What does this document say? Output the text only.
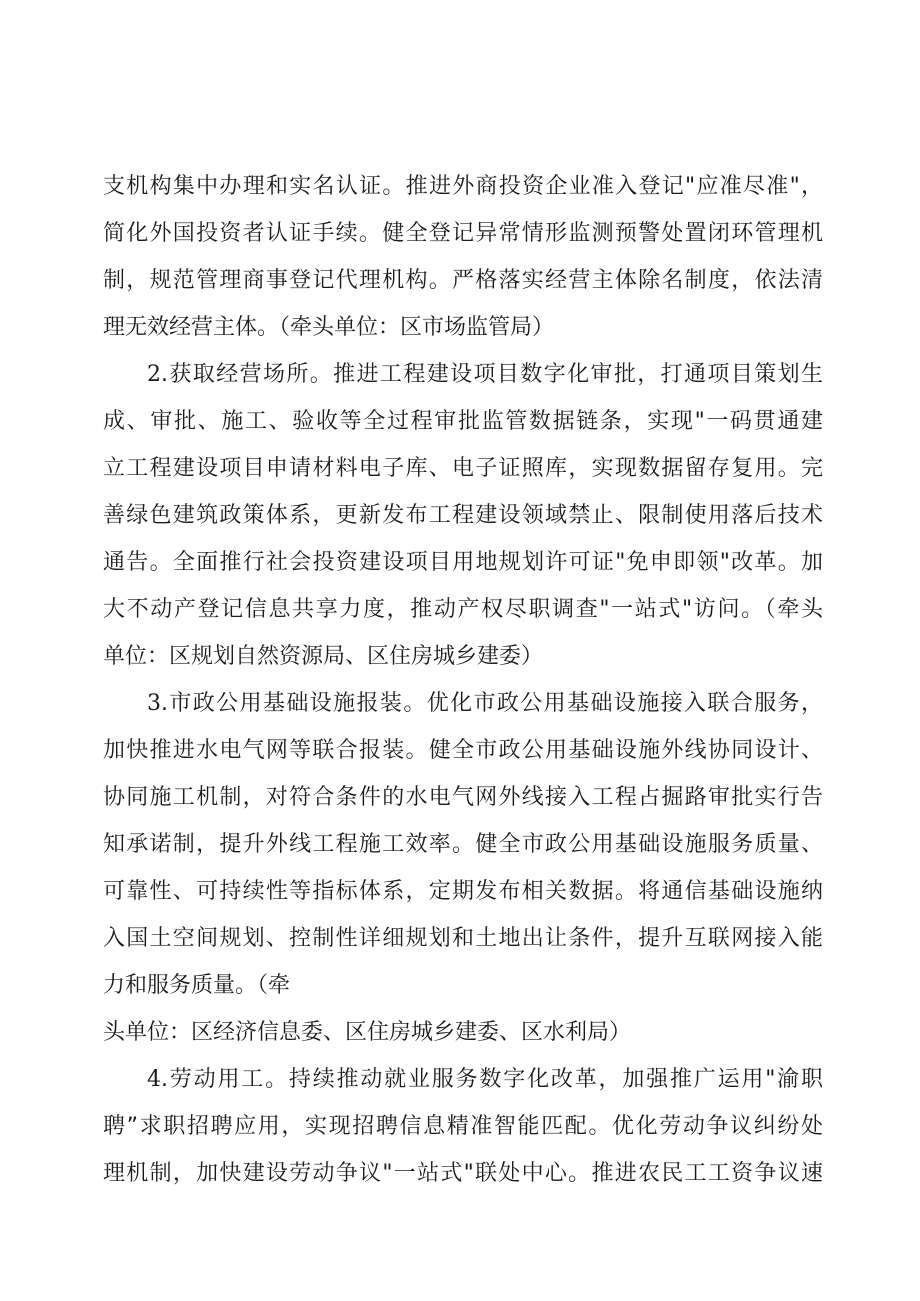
支机构集中办理和实名认证。推进外商投资企业准入登记"应准尽准"，
简化外国投资者认证手续。健全登记异常情形监测预警处置闭环管理机
制，规范管理商事登记代理机构。严格落实经营主体除名制度，依法清
理无效经营主体。（牵头单位：区市场监管局）
2.获取经营场所。推进工程建设项目数字化审批，打通项目策划生
成、审批、施工、验收等全过程审批监管数据链条，实现"一码贯通建
立工程建设项目申请材料电子库、电子证照库，实现数据留存复用。完
善绿色建筑政策体系，更新发布工程建设领域禁止、限制使用落后技术
通告。全面推行社会投资建设项目用地规划许可证"免申即领"改革。加
大不动产登记信息共享力度，推动产权尽职调查"一站式"访问。（牵头
单位：区规划自然资源局、区住房城乡建委）
3.市政公用基础设施报装。优化市政公用基础设施接入联合服务，
加快推进水电气网等联合报装。健全市政公用基础设施外线协同设计、
协同施工机制，对符合条件的水电气网外线接入工程占掘路审批实行告
知承诺制，提升外线工程施工效率。健全市政公用基础设施服务质量、
可靠性、可持续性等指标体系，定期发布相关数据。将通信基础设施纳
入国土空间规划、控制性详细规划和土地出让条件，提升互联网接入能
力和服务质量。（牵
头单位：区经济信息委、区住房城乡建委、区水利局）
4.劳动用工。持续推动就业服务数字化改革，加强推广运用"渝职
聘”求职招聘应用，实现招聘信息精准智能匹配。优化劳动争议纠纷处
理机制，加快建设劳动争议"一站式"联处中心。推进农民工工资争议速
